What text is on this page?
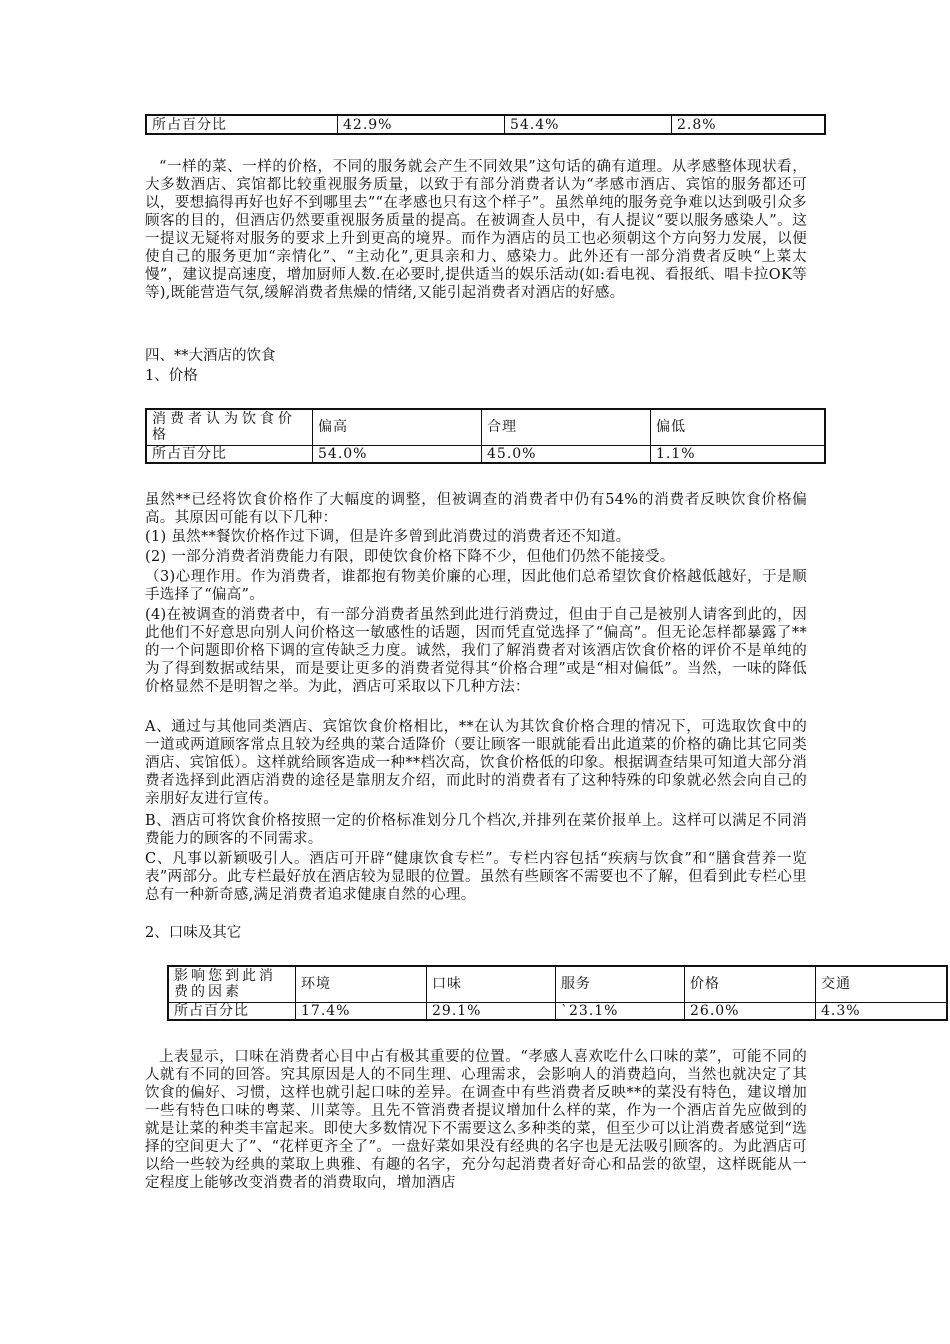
所占百分比	42.9%	54.4%	2.8%
“一样的菜、一样的价格，不同的服务就会产生不同效果”这句话的确有道理。从孝感整体现状看，大多数酒店、宾馆都比较重视服务质量，以致于有部分消费者认为“孝感市酒店、宾馆的服务都还可以，要想搞得再好也好不到哪里去”“在孝感也只有这个样子”。虽然单纯的服务竞争难以达到吸引众多顾客的目的，但酒店仍然要重视服务质量的提高。在被调查人员中，有人提议“要以服务感染人”。这一提议无疑将对服务的要求上升到更高的境界。而作为酒店的员工也必须朝这个方向努力发展，以便使自己的服务更加“亲情化”、“主动化”,更具亲和力、感染力。此外还有一部分消费者反映“上菜太慢”，建议提高速度，增加厨师人数.在必要时,提供适当的娱乐活动(如:看电视、看报纸、唱卡拉OK等等),既能营造气氛,缓解消费者焦燥的情绪,又能引起消费者对酒店的好感。
四、**大酒店的饮食
1、价格
消费者认为饮食价格	偏高	合理	偏低
所占百分比	54.0%	45.0%	1.1%
虽然**已经将饮食价格作了大幅度的调整，但被调查的消费者中仍有54%的消费者反映饮食价格偏高。其原因可能有以下几种：
(1) 虽然**餐饮价格作过下调，但是许多曾到此消费过的消费者还不知道。
(2) 一部分消费者消费能力有限，即使饮食价格下降不少，但他们仍然不能接受。
（3)心理作用。作为消费者，谁都抱有物美价廉的心理，因此他们总希望饮食价格越低越好，于是顺手选择了“偏高”。
(4)在被调查的消费者中，有一部分消费者虽然到此进行消费过，但由于自己是被别人请客到此的，因此他们不好意思向别人问价格这一敏感性的话题，因而凭直觉选择了“偏高”。但无论怎样都暴露了**的一个问题即价格下调的宣传缺乏力度。诚然，我们了解消费者对该酒店饮食价格的评价不是单纯的为了得到数据或结果，而是要让更多的消费者觉得其“价格合理”或是“相对偏低”。当然，一味的降低价格显然不是明智之举。为此，酒店可采取以下几种方法：
A、通过与其他同类酒店、宾馆饮食价格相比，**在认为其饮食价格合理的情况下，可选取饮食中的一道或两道顾客常点且较为经典的菜合适降价（要让顾客一眼就能看出此道菜的价格的确比其它同类酒店、宾馆低）。这样就给顾客造成一种**档次高，饮食价格低的印象。根据调查结果可知道大部分消费者选择到此酒店消费的途径是靠朋友介绍，而此时的消费者有了这种特殊的印象就必然会向自己的亲朋好友进行宣传。
B、酒店可将饮食价格按照一定的价格标准划分几个档次,并排列在菜价报单上。这样可以满足不同消费能力的顾客的不同需求。
C、凡事以新颖吸引人。酒店可开辟“健康饮食专栏”。专栏内容包括“疾病与饮食”和“膳食营养一览表”两部分。此专栏最好放在酒店较为显眼的位置。虽然有些顾客不需要也不了解，但看到此专栏心里总有一种新奇感,满足消费者追求健康自然的心理。
2、口味及其它
影响您到此消费的因素	环境	口味	服务	价格	交通
所占百分比	17.4%	29.1%	`23.1%	26.0%	4.3%
上表显示，口味在消费者心目中占有极其重要的位置。“孝感人喜欢吃什么口味的菜”，可能不同的人就有不同的回答。究其原因是人的不同生理、心理需求，会影响人的消费趋向，当然也就决定了其饮食的偏好、习惯，这样也就引起口味的差异。在调查中有些消费者反映**的菜没有特色，建议增加一些有特色口味的粤菜、川菜等。且先不管消费者提议增加什么样的菜，作为一个酒店首先应做到的就是让菜的种类丰富起来。即使大多数情况下不需要这么多种类的菜，但至少可以让消费者感觉到“选择的空间更大了”、“花样更齐全了”。一盘好菜如果没有经典的名字也是无法吸引顾客的。为此酒店可以给一些较为经典的菜取上典雅、有趣的名字，充分勾起消费者好奇心和品尝的欲望，这样既能从一定程度上能够改变消费者的消费取向，增加酒店
